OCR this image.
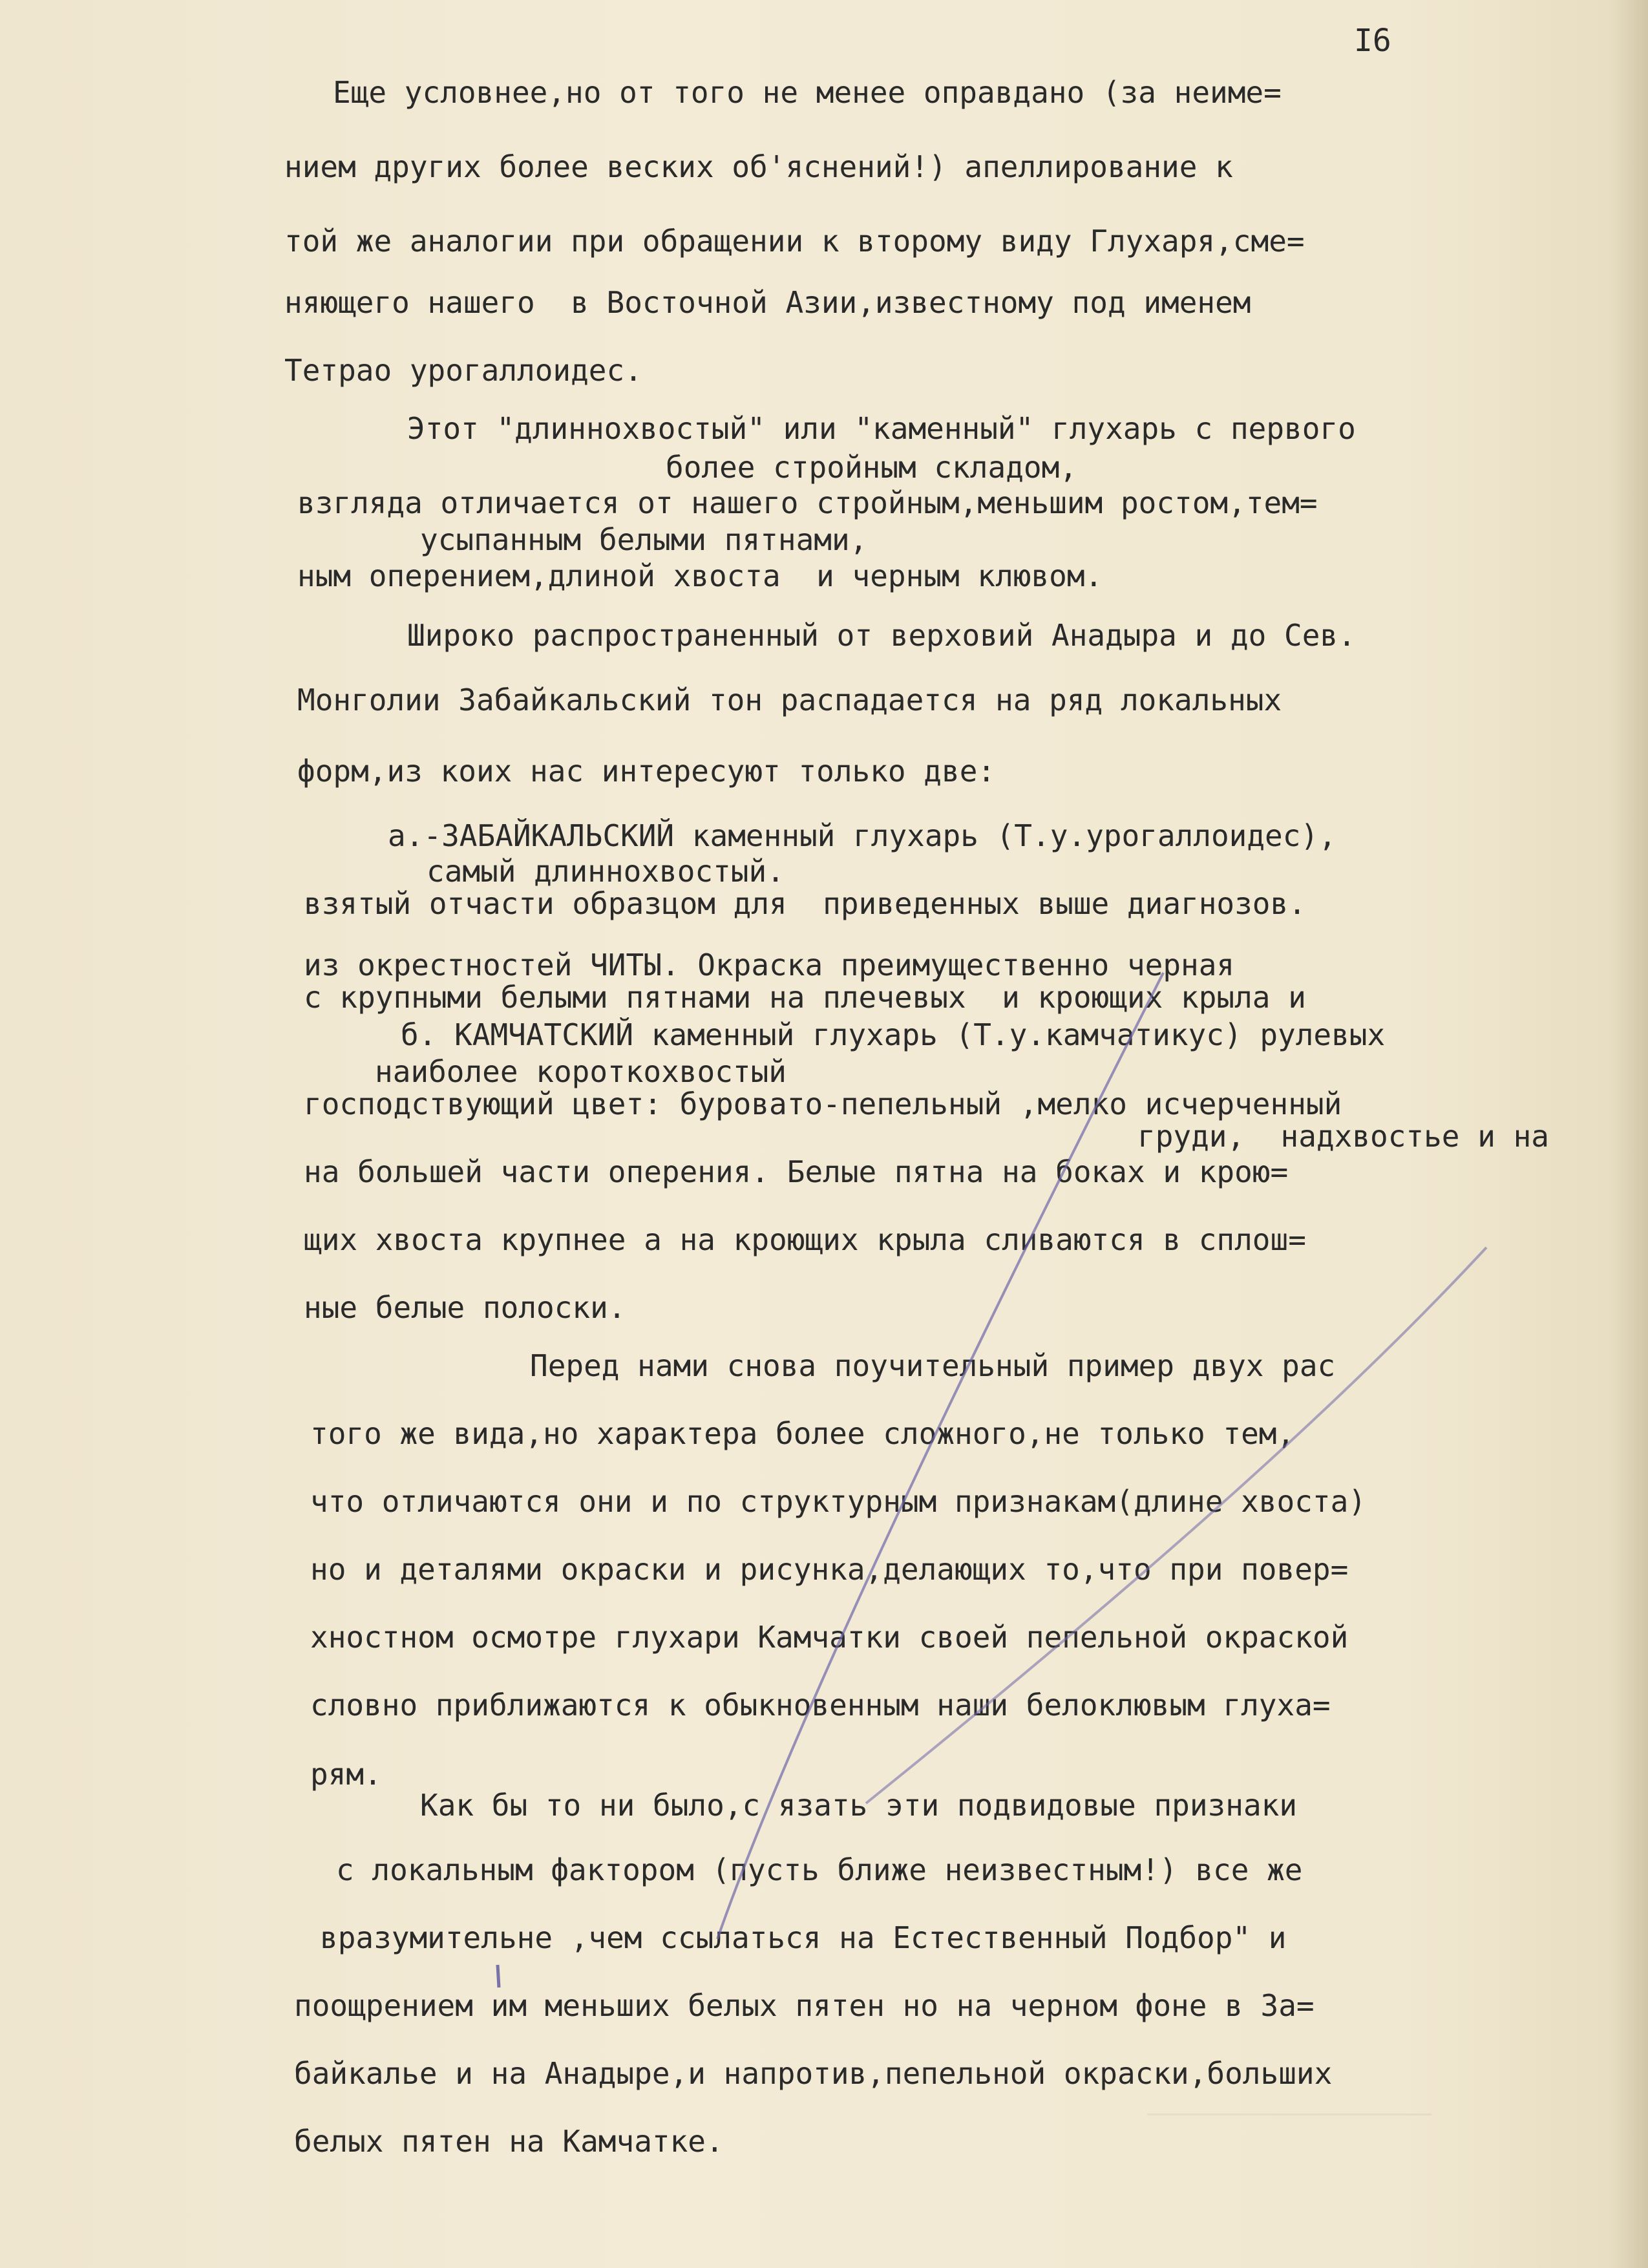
I6
Еще условнее,но от того не менее оправдано (за неиме=
нием других более веских об'яснений!) апеллирование к
той же аналогии при обращении к второму виду Глухаря,сме=
няющего нашего  в Восточной Азии,известному под именем
Тетрао урогаллоидес.
Этот "длиннохвостый" или "каменный" глухарь с первого
более стройным складом,
взгляда отличается от нашего стройным,меньшим ростом,тем=
усыпанным белыми пятнами,
ным оперением,длиной хвоста  и черным клювом.
Широко распространенный от верховий Анадыра и до Сев.
Монголии Забайкальский тон распадается на ряд локальных
форм,из коих нас интересуют только две:
а.-ЗАБАЙКАЛЬСКИЙ каменный глухарь (Т.у.урогаллоидес),
самый длиннохвостый.
взятый отчасти образцом для  приведенных выше диагнозов.
из окрестностей ЧИТЫ. Окраска преимущественно черная
с крупными белыми пятнами на плечевых  и кроющих крыла и
б. КАМЧАТСКИЙ каменный глухарь (Т.у.камчатикус) рулевых
наиболее короткохвостый
господствующий цвет: буровато-пепельный ,мелко исчерченный
груди,  надхвостье и на
на большей части оперения. Белые пятна на боках и крою=
щих хвоста крупнее а на кроющих крыла сливаются в сплош=
ные белые полоски.
Перед нами снова поучительный пример двух рас
того же вида,но характера более сложного,не только тем,
что отличаются они и по структурным признакам(длине хвоста)
но и деталями окраски и рисунка,делающих то,что при повер=
хностном осмотре глухари Камчатки своей пепельной окраской
словно приближаются к обыкновенным наши белоклювым глуха=
рям.
Как бы то ни было,с язать эти подвидовые признаки
с локальным фактором (пусть ближе неизвестным!) все же
вразумительне ,чем ссылаться на Естественный Подбор" и
поощрением им меньших белых пятен но на черном фоне в За=
байкалье и на Анадыре,и напротив,пепельной окраски,больших
белых пятен на Камчатке.
